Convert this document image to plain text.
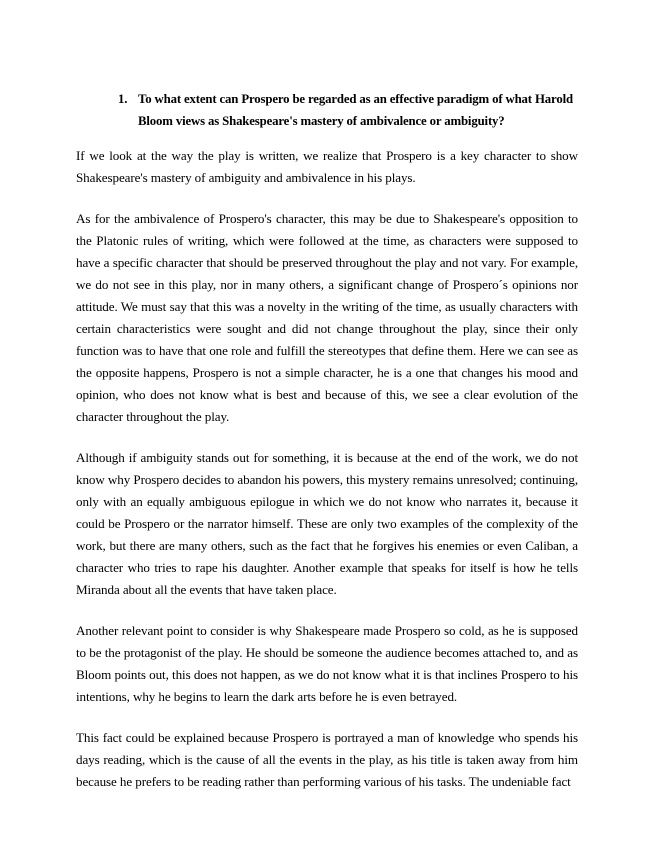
1. To what extent can Prospero be regarded as an effective paradigm of what Harold Bloom views as Shakespeare's mastery of ambivalence or ambiguity?

If we look at the way the play is written, we realize that Prospero is a key character to show Shakespeare's mastery of ambiguity and ambivalence in his plays.

As for the ambivalence of Prospero's character, this may be due to Shakespeare's opposition to the Platonic rules of writing, which were followed at the time, as characters were supposed to have a specific character that should be preserved throughout the play and not vary. For example, we do not see in this play, nor in many others, a significant change of Prospero´s opinions nor attitude. We must say that this was a novelty in the writing of the time, as usually characters with certain characteristics were sought and did not change throughout the play, since their only function was to have that one role and fulfill the stereotypes that define them. Here we can see as the opposite happens, Prospero is not a simple character, he is a one that changes his mood and opinion, who does not know what is best and because of this, we see a clear evolution of the character throughout the play.

Although if ambiguity stands out for something, it is because at the end of the work, we do not know why Prospero decides to abandon his powers, this mystery remains unresolved; continuing, only with an equally ambiguous epilogue in which we do not know who narrates it, because it could be Prospero or the narrator himself. These are only two examples of the complexity of the work, but there are many others, such as the fact that he forgives his enemies or even Caliban, a character who tries to rape his daughter. Another example that speaks for itself is how he tells Miranda about all the events that have taken place.

Another relevant point to consider is why Shakespeare made Prospero so cold, as he is supposed to be the protagonist of the play. He should be someone the audience becomes attached to, and as Bloom points out, this does not happen, as we do not know what it is that inclines Prospero to his intentions, why he begins to learn the dark arts before he is even betrayed.

This fact could be explained because Prospero is portrayed a man of knowledge who spends his days reading, which is the cause of all the events in the play, as his title is taken away from him because he prefers to be reading rather than performing various of his tasks. The undeniable fact
